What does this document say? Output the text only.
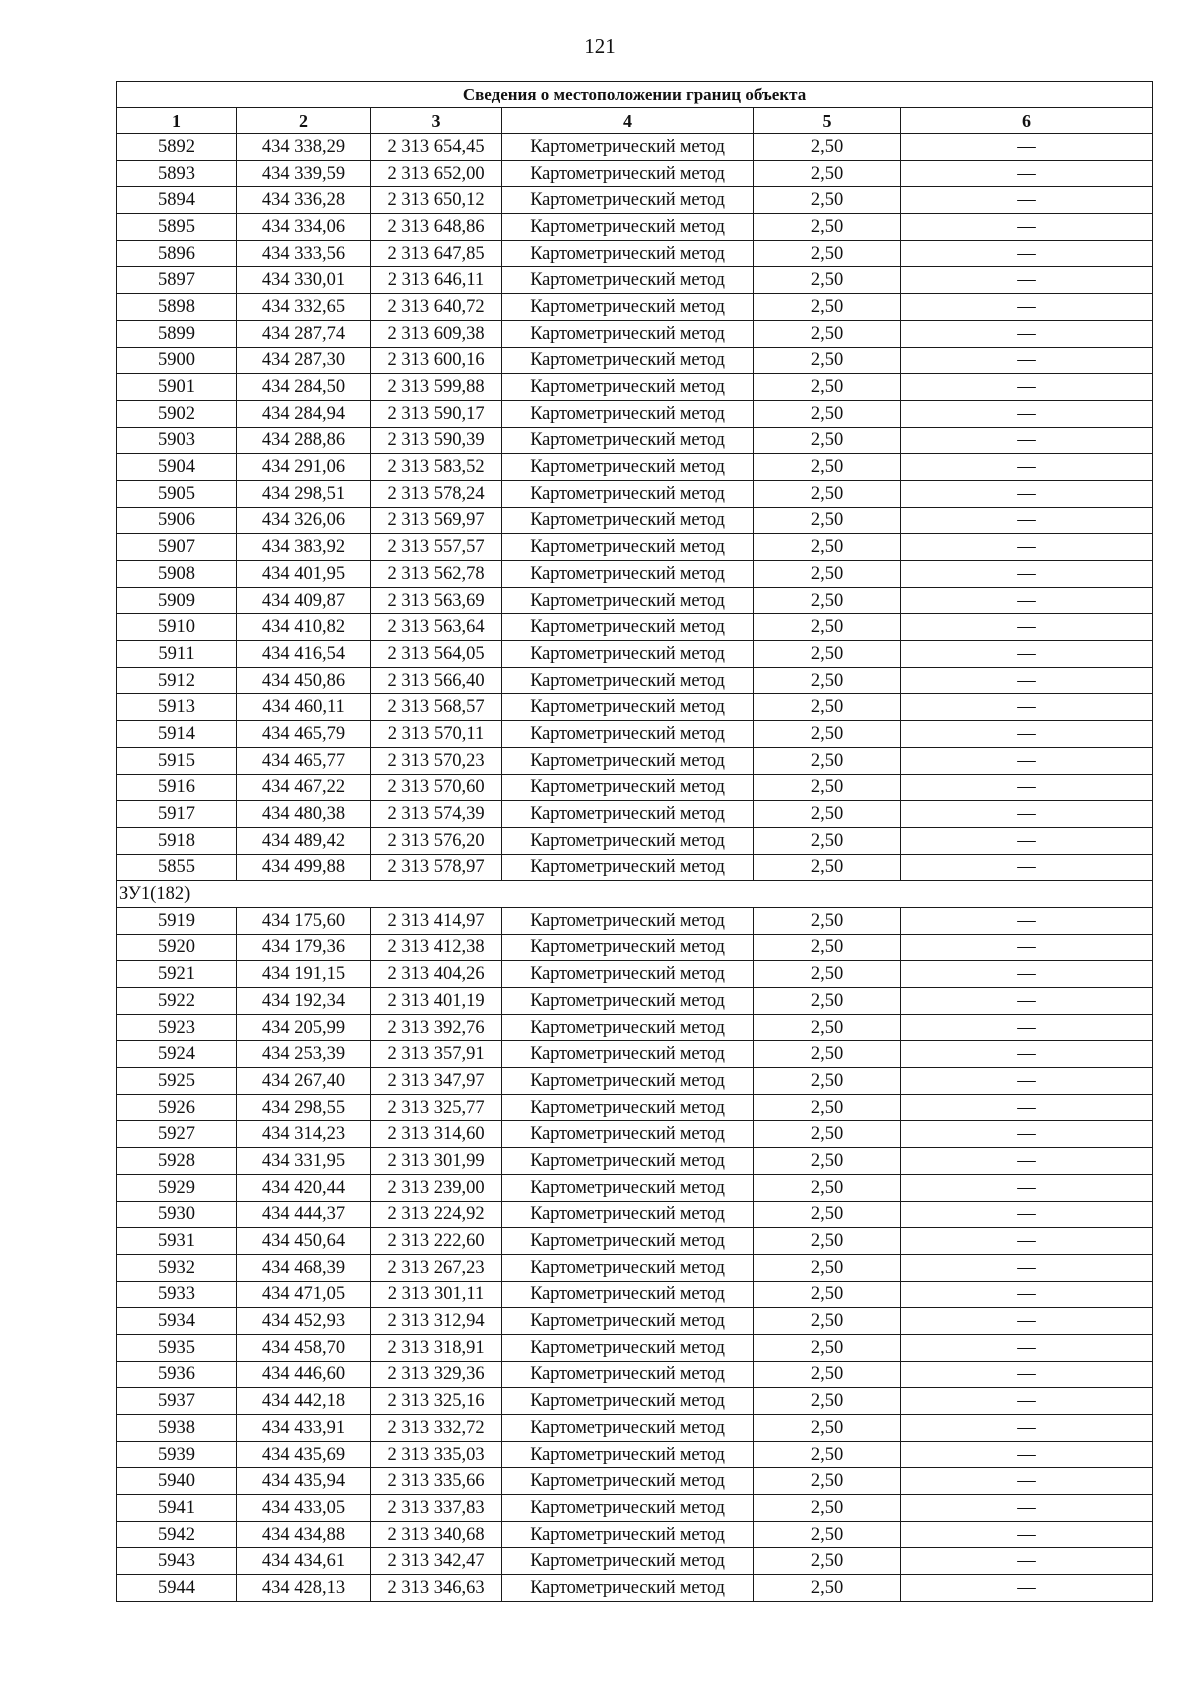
121
Сведения о местоположении границ объекта					
1	2	3	4	5	6
5892	434 338,29	2 313 654,45	Картометрический метод	2,50	—
5893	434 339,59	2 313 652,00	Картометрический метод	2,50	—
5894	434 336,28	2 313 650,12	Картометрический метод	2,50	—
5895	434 334,06	2 313 648,86	Картометрический метод	2,50	—
5896	434 333,56	2 313 647,85	Картометрический метод	2,50	—
5897	434 330,01	2 313 646,11	Картометрический метод	2,50	—
5898	434 332,65	2 313 640,72	Картометрический метод	2,50	—
5899	434 287,74	2 313 609,38	Картометрический метод	2,50	—
5900	434 287,30	2 313 600,16	Картометрический метод	2,50	—
5901	434 284,50	2 313 599,88	Картометрический метод	2,50	—
5902	434 284,94	2 313 590,17	Картометрический метод	2,50	—
5903	434 288,86	2 313 590,39	Картометрический метод	2,50	—
5904	434 291,06	2 313 583,52	Картометрический метод	2,50	—
5905	434 298,51	2 313 578,24	Картометрический метод	2,50	—
5906	434 326,06	2 313 569,97	Картометрический метод	2,50	—
5907	434 383,92	2 313 557,57	Картометрический метод	2,50	—
5908	434 401,95	2 313 562,78	Картометрический метод	2,50	—
5909	434 409,87	2 313 563,69	Картометрический метод	2,50	—
5910	434 410,82	2 313 563,64	Картометрический метод	2,50	—
5911	434 416,54	2 313 564,05	Картометрический метод	2,50	—
5912	434 450,86	2 313 566,40	Картометрический метод	2,50	—
5913	434 460,11	2 313 568,57	Картометрический метод	2,50	—
5914	434 465,79	2 313 570,11	Картометрический метод	2,50	—
5915	434 465,77	2 313 570,23	Картометрический метод	2,50	—
5916	434 467,22	2 313 570,60	Картометрический метод	2,50	—
5917	434 480,38	2 313 574,39	Картометрический метод	2,50	—
5918	434 489,42	2 313 576,20	Картометрический метод	2,50	—
5855	434 499,88	2 313 578,97	Картометрический метод	2,50	—
ЗУ1(182)					
5919	434 175,60	2 313 414,97	Картометрический метод	2,50	—
5920	434 179,36	2 313 412,38	Картометрический метод	2,50	—
5921	434 191,15	2 313 404,26	Картометрический метод	2,50	—
5922	434 192,34	2 313 401,19	Картометрический метод	2,50	—
5923	434 205,99	2 313 392,76	Картометрический метод	2,50	—
5924	434 253,39	2 313 357,91	Картометрический метод	2,50	—
5925	434 267,40	2 313 347,97	Картометрический метод	2,50	—
5926	434 298,55	2 313 325,77	Картометрический метод	2,50	—
5927	434 314,23	2 313 314,60	Картометрический метод	2,50	—
5928	434 331,95	2 313 301,99	Картометрический метод	2,50	—
5929	434 420,44	2 313 239,00	Картометрический метод	2,50	—
5930	434 444,37	2 313 224,92	Картометрический метод	2,50	—
5931	434 450,64	2 313 222,60	Картометрический метод	2,50	—
5932	434 468,39	2 313 267,23	Картометрический метод	2,50	—
5933	434 471,05	2 313 301,11	Картометрический метод	2,50	—
5934	434 452,93	2 313 312,94	Картометрический метод	2,50	—
5935	434 458,70	2 313 318,91	Картометрический метод	2,50	—
5936	434 446,60	2 313 329,36	Картометрический метод	2,50	—
5937	434 442,18	2 313 325,16	Картометрический метод	2,50	—
5938	434 433,91	2 313 332,72	Картометрический метод	2,50	—
5939	434 435,69	2 313 335,03	Картометрический метод	2,50	—
5940	434 435,94	2 313 335,66	Картометрический метод	2,50	—
5941	434 433,05	2 313 337,83	Картометрический метод	2,50	—
5942	434 434,88	2 313 340,68	Картометрический метод	2,50	—
5943	434 434,61	2 313 342,47	Картометрический метод	2,50	—
5944	434 428,13	2 313 346,63	Картометрический метод	2,50	—
